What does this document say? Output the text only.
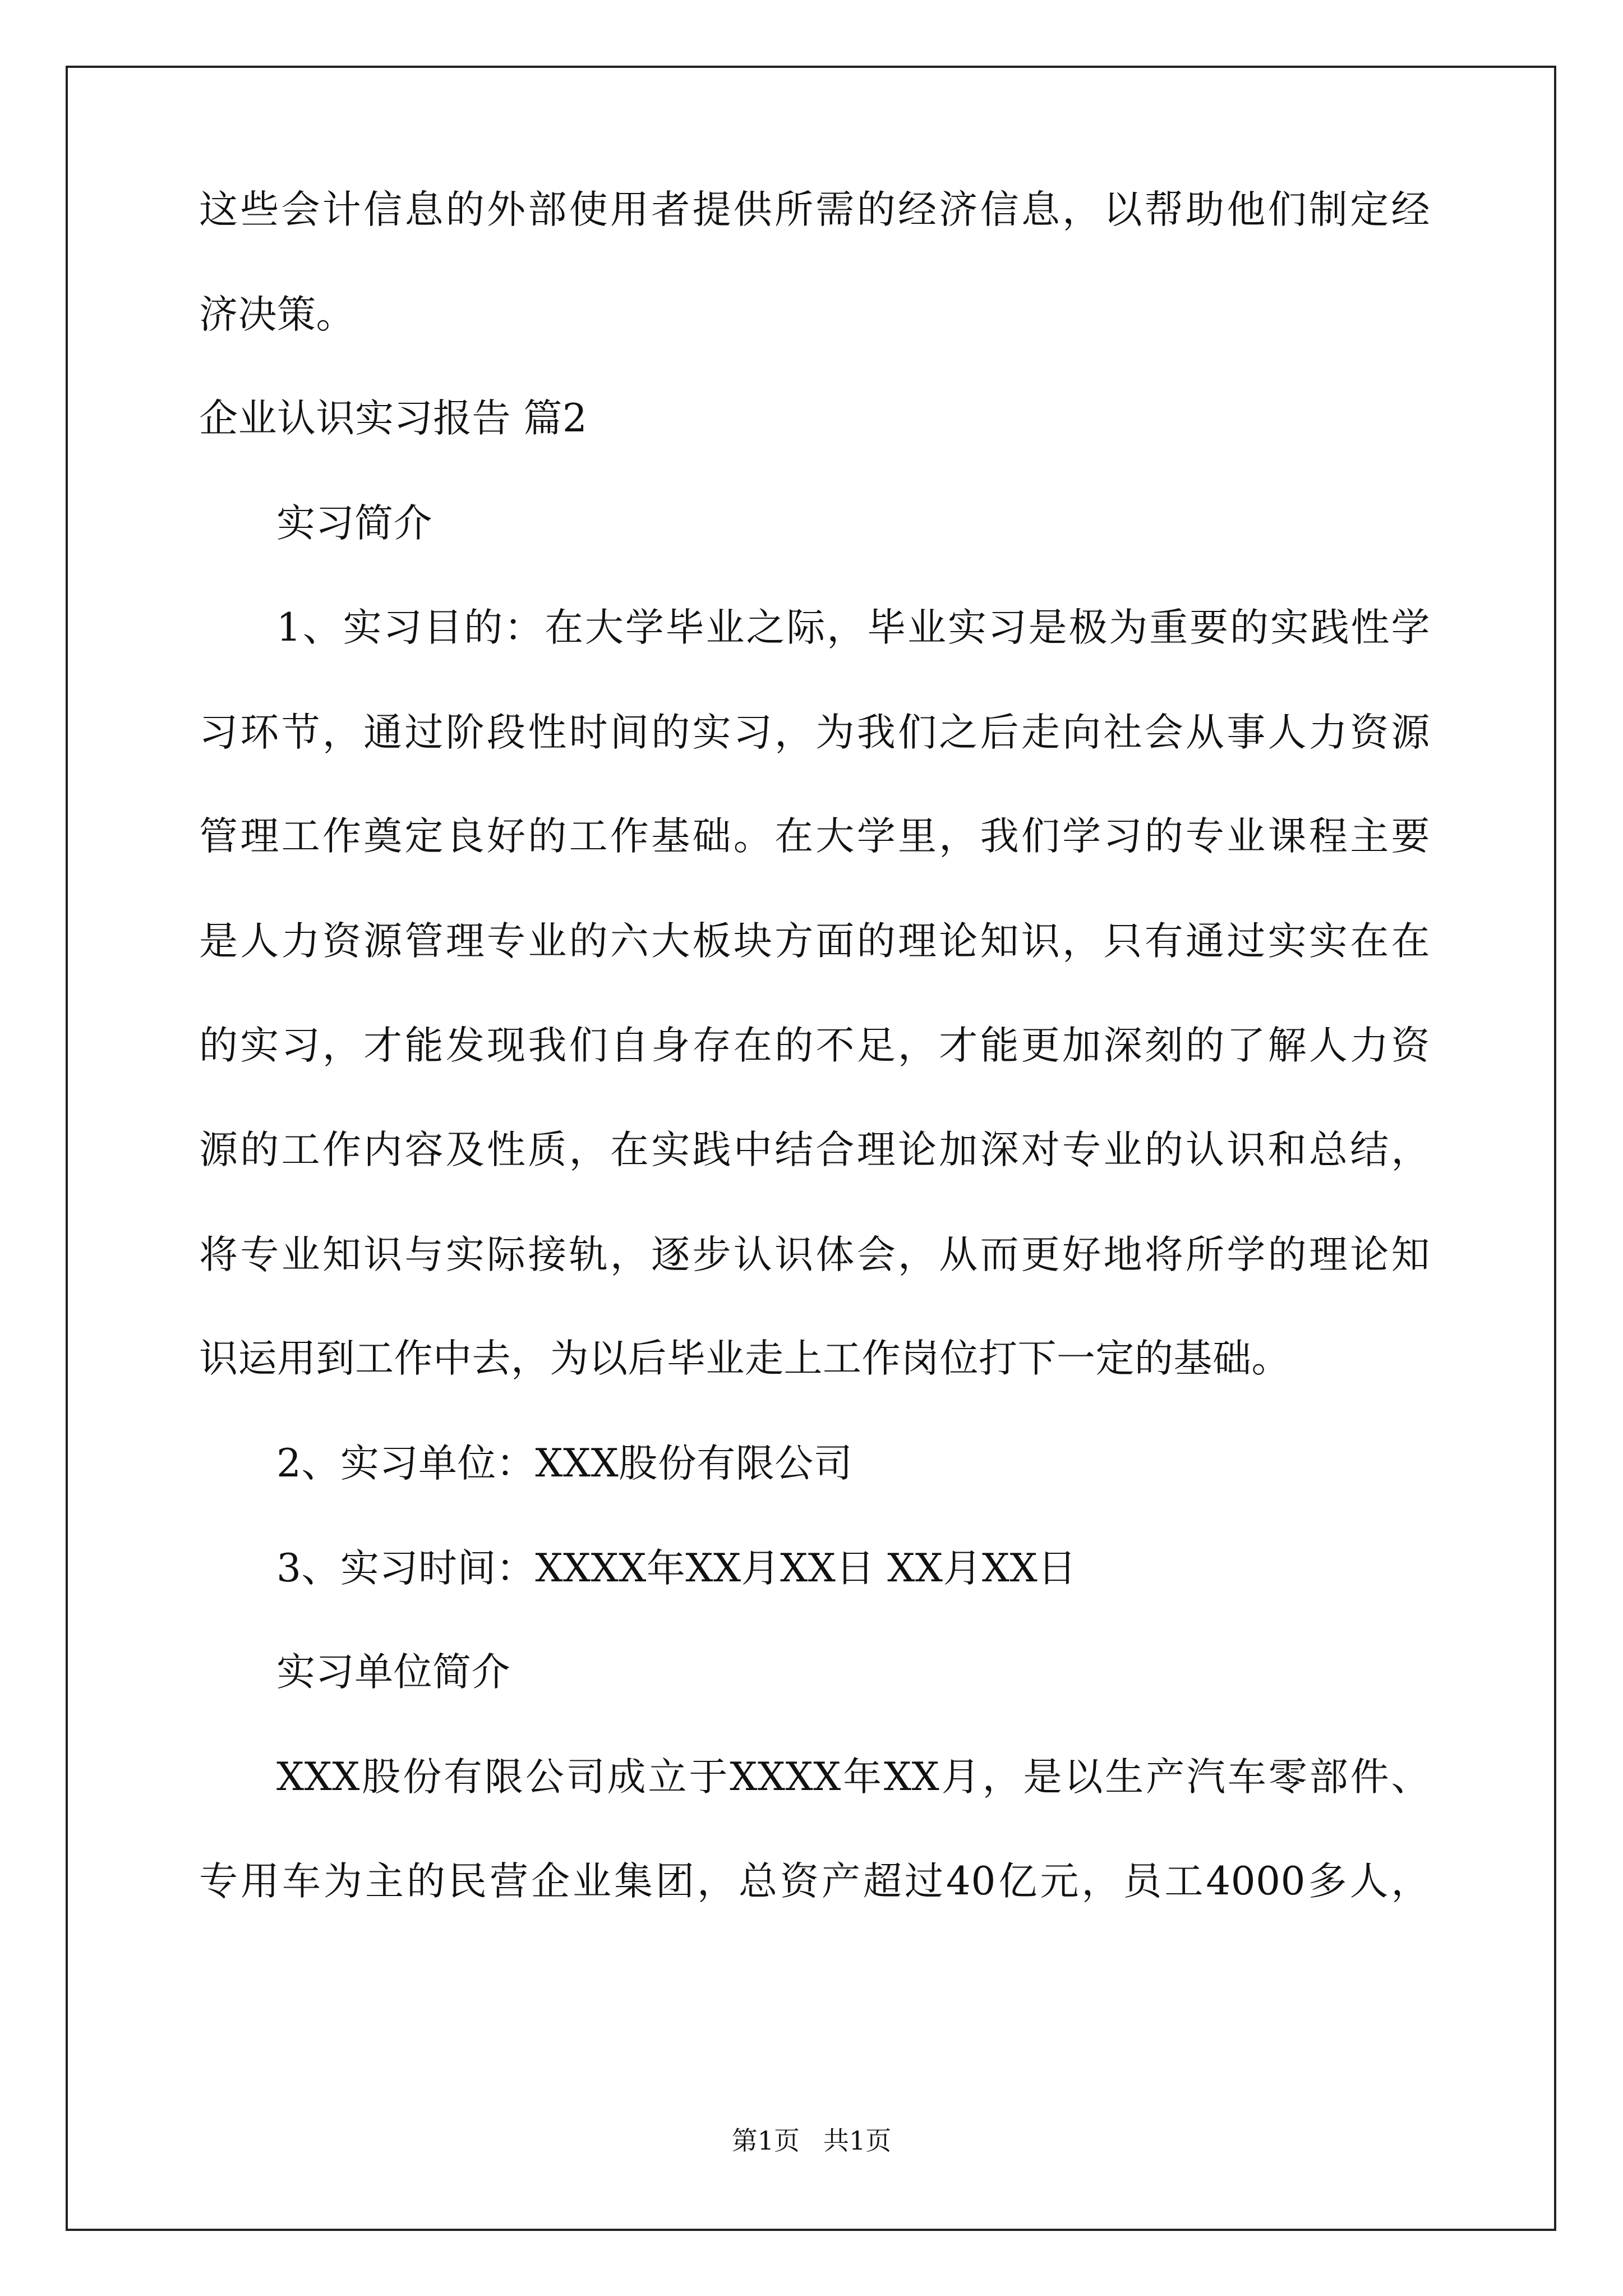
这些会计信息的外部使用者提供所需的经济信息，以帮助他们制定经

济决策。

企业认识实习报告 篇2

实习简介

1、实习目的：在大学毕业之际，毕业实习是极为重要的实践性学

习环节，通过阶段性时间的实习，为我们之后走向社会从事人力资源

管理工作奠定良好的工作基础。在大学里，我们学习的专业课程主要

是人力资源管理专业的六大板块方面的理论知识，只有通过实实在在

的实习，才能发现我们自身存在的不足，才能更加深刻的了解人力资

源的工作内容及性质，在实践中结合理论加深对专业的认识和总结，

将专业知识与实际接轨，逐步认识体会，从而更好地将所学的理论知

识运用到工作中去，为以后毕业走上工作岗位打下一定的基础。

2、实习单位：XXX股份有限公司

3、实习时间：XXXX年XX月XX日 XX月XX日

实习单位简介

XXX股份有限公司成立于XXXX年XX月，是以生产汽车零部件、

专用车为主的民营企业集团，总资产超过40亿元，员工4000多人，

第1页 共1页
